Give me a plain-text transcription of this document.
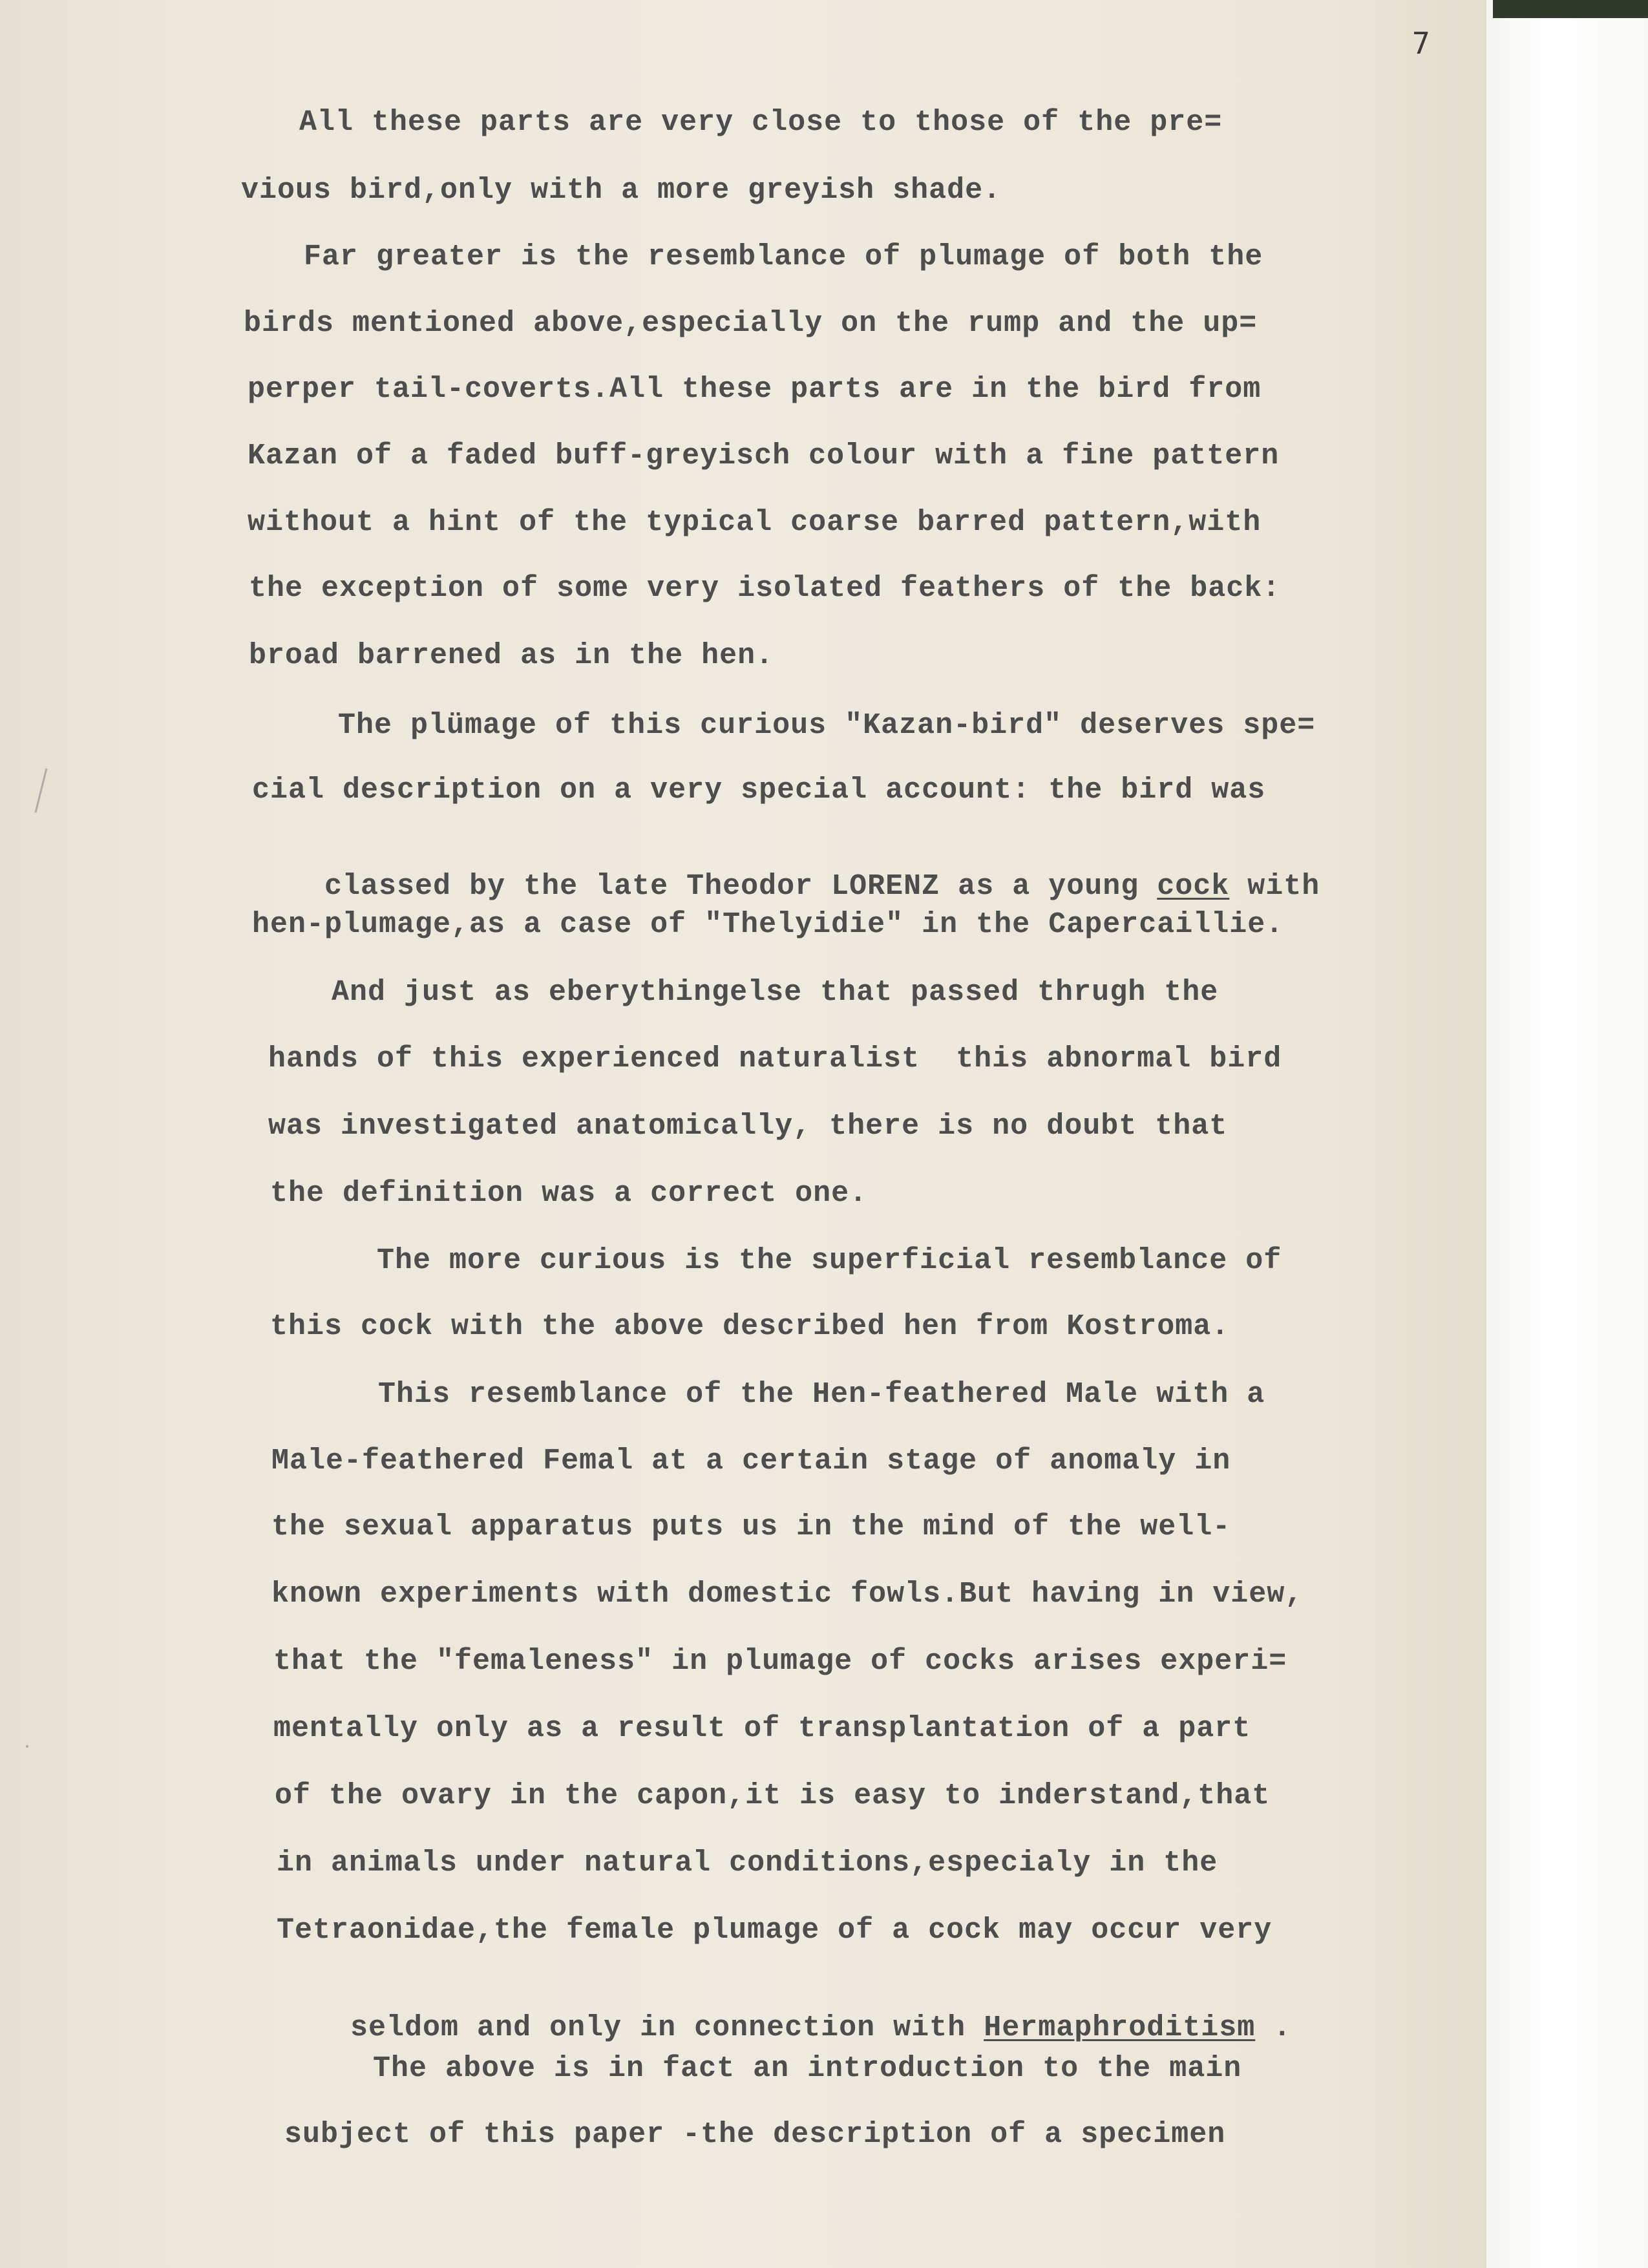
7
All these parts are very close to those of the pre=
vious bird,only with a more greyish shade.
Far greater is the resemblance of plumage of both the
birds mentioned above,especially on the rump and the up=
perper tail-coverts.All these parts are in the bird from
Kazan of a faded buff-greyisch colour with a fine pattern
without a hint of the typical coarse barred pattern,with
the exception of some very isolated feathers of the back:
broad barrened as in the hen.
The plümage of this curious "Kazan-bird" deserves spe=
cial description on a very special account: the bird was

classed by the late Theodor LORENZ as a young cock with

hen-plumage,as a case of "Thelyidie" in the Capercaillie.
And just as eberythingelse that passed thrugh the
hands of this experienced naturalist  this abnormal bird
was investigated anatomically, there is no doubt that
the definition was a correct one.
The more curious is the superficial resemblance of
this cock with the above described hen from Kostroma.
This resemblance of the Hen-feathered Male with a
Male-feathered Femal at a certain stage of anomaly in
the sexual apparatus puts us in the mind of the well-
known experiments with domestic fowls.But having in view,
that the "femaleness" in plumage of cocks arises experi=
mentally only as a result of transplantation of a part
of the ovary in the capon,it is easy to inderstand,that
in animals under natural conditions,especialy in the
Tetraonidae,the female plumage of a cock may occur very

seldom and only in connection with Hermaphroditism .

The above is in fact an introduction to the main
subject of this paper -the description of a specimen
